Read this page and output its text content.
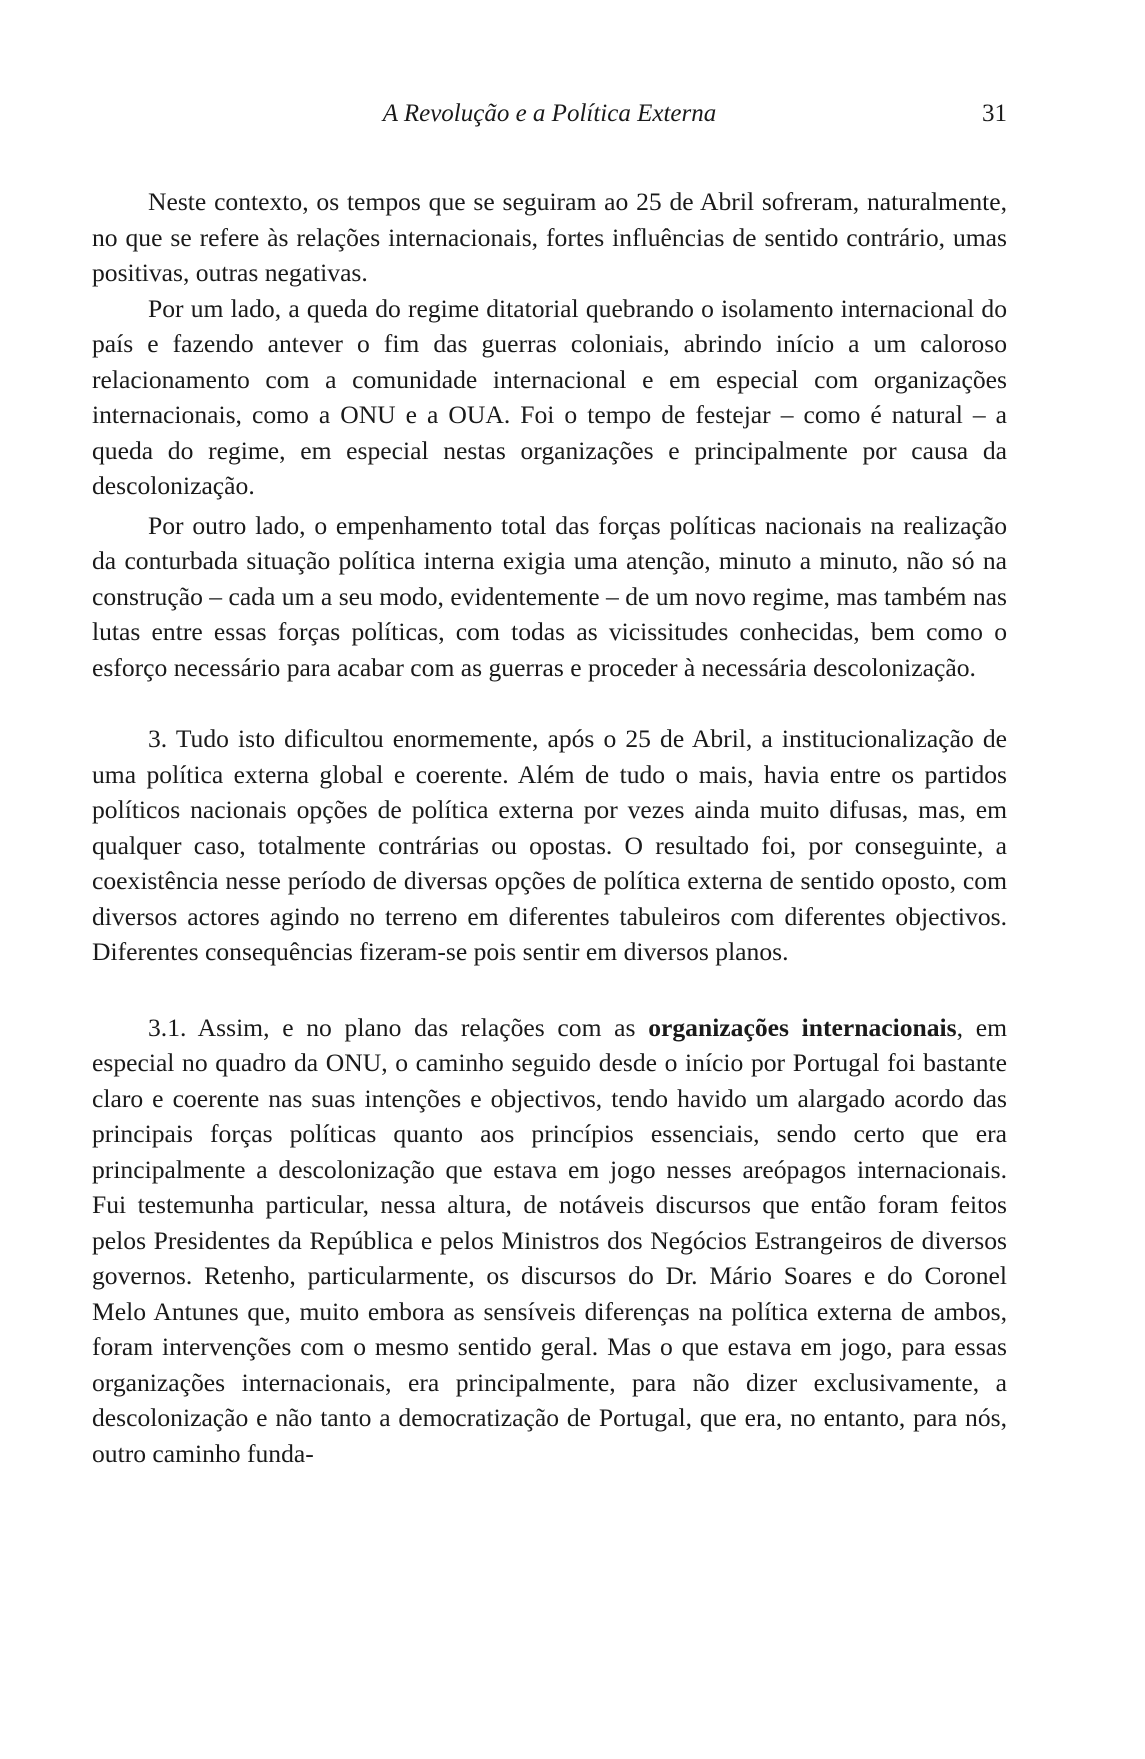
A Revolução e a Política Externa	31

Neste contexto, os tempos que se seguiram ao 25 de Abril sofreram, naturalmente, no que se refere às relações internacionais, fortes influências de sentido contrário, umas positivas, outras negativas.

Por um lado, a queda do regime ditatorial quebrando o isolamento internacional do país e fazendo antever o fim das guerras coloniais, abrindo início a um caloroso relacionamento com a comunidade internacional e em especial com organizações internacionais, como a ONU e a OUA. Foi o tempo de festejar – como é natural – a queda do regime, em especial nestas organizações e principalmente por causa da descolonização.

Por outro lado, o empenhamento total das forças políticas nacionais na realização da conturbada situação política interna exigia uma atenção, minuto a minuto, não só na construção – cada um a seu modo, evidentemente – de um novo regime, mas também nas lutas entre essas forças políticas, com todas as vicissitudes conhecidas, bem como o esforço necessário para acabar com as guerras e proceder à necessária descolonização.

3. Tudo isto dificultou enormemente, após o 25 de Abril, a institucionalização de uma política externa global e coerente. Além de tudo o mais, havia entre os partidos políticos nacionais opções de política externa por vezes ainda muito difusas, mas, em qualquer caso, totalmente contrárias ou opostas. O resultado foi, por conseguinte, a coexistência nesse período de diversas opções de política externa de sentido oposto, com diversos actores agindo no terreno em diferentes tabuleiros com diferentes objectivos. Diferentes consequências fizeram-se pois sentir em diversos planos.

3.1. Assim, e no plano das relações com as organizações internacionais, em especial no quadro da ONU, o caminho seguido desde o início por Portugal foi bastante claro e coerente nas suas intenções e objectivos, tendo havido um alargado acordo das principais forças políticas quanto aos princípios essenciais, sendo certo que era principalmente a descolonização que estava em jogo nesses areópagos internacionais. Fui testemunha particular, nessa altura, de notáveis discursos que então foram feitos pelos Presidentes da República e pelos Ministros dos Negócios Estrangeiros de diversos governos. Retenho, particularmente, os discursos do Dr. Mário Soares e do Coronel Melo Antunes que, muito embora as sensíveis diferenças na política externa de ambos, foram intervenções com o mesmo sentido geral. Mas o que estava em jogo, para essas organizações internacionais, era principalmente, para não dizer exclusivamente, a descolonização e não tanto a democratização de Portugal, que era, no entanto, para nós, outro caminho funda-
